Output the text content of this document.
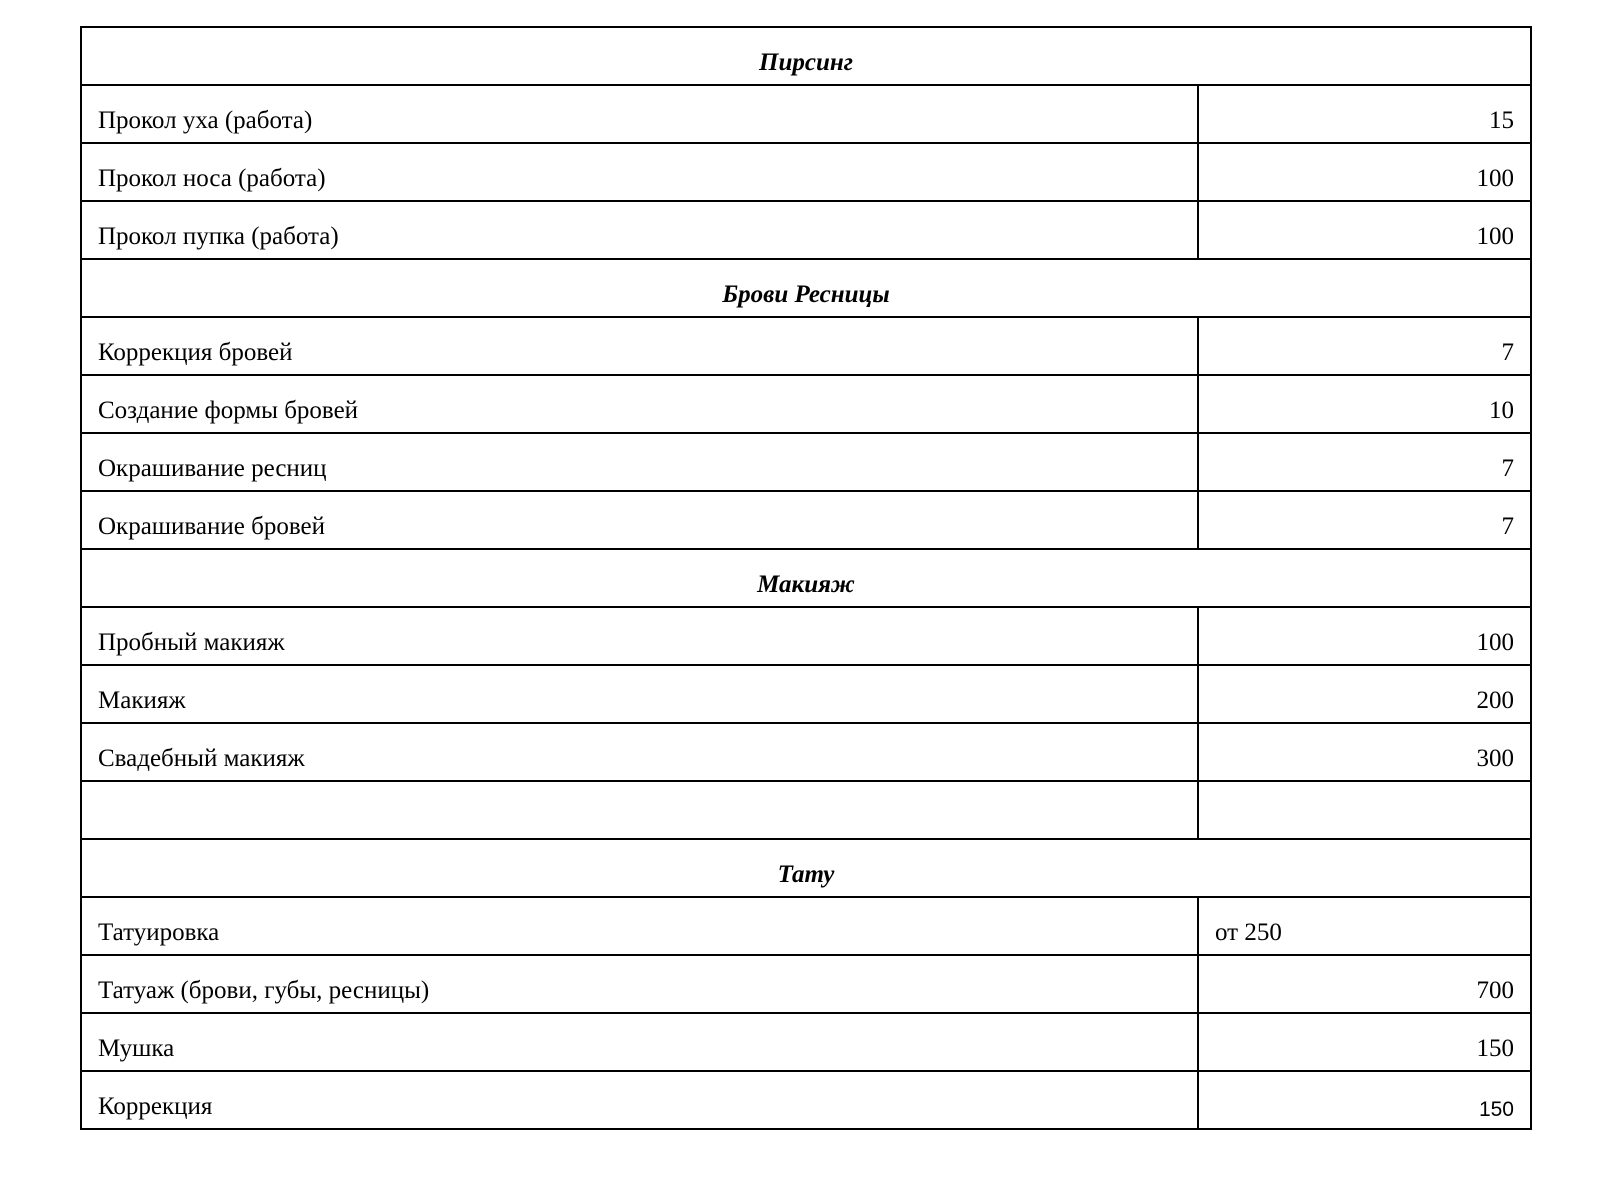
Пирсинг	
Прокол уха (работа)	15
Прокол носа (работа)	100
Прокол пупка (работа)	100
Брови Ресницы	
Коррекция бровей	7
Создание формы бровей	10
Окрашивание ресниц	7
Окрашивание бровей	7
Макияж	
Пробный макияж	100
Макияж	200
Свадебный макияж	300

Тату	
Татуировка	от 250
Татуаж (брови, губы, ресницы)	700
Мушка	150
Коррекция	150
